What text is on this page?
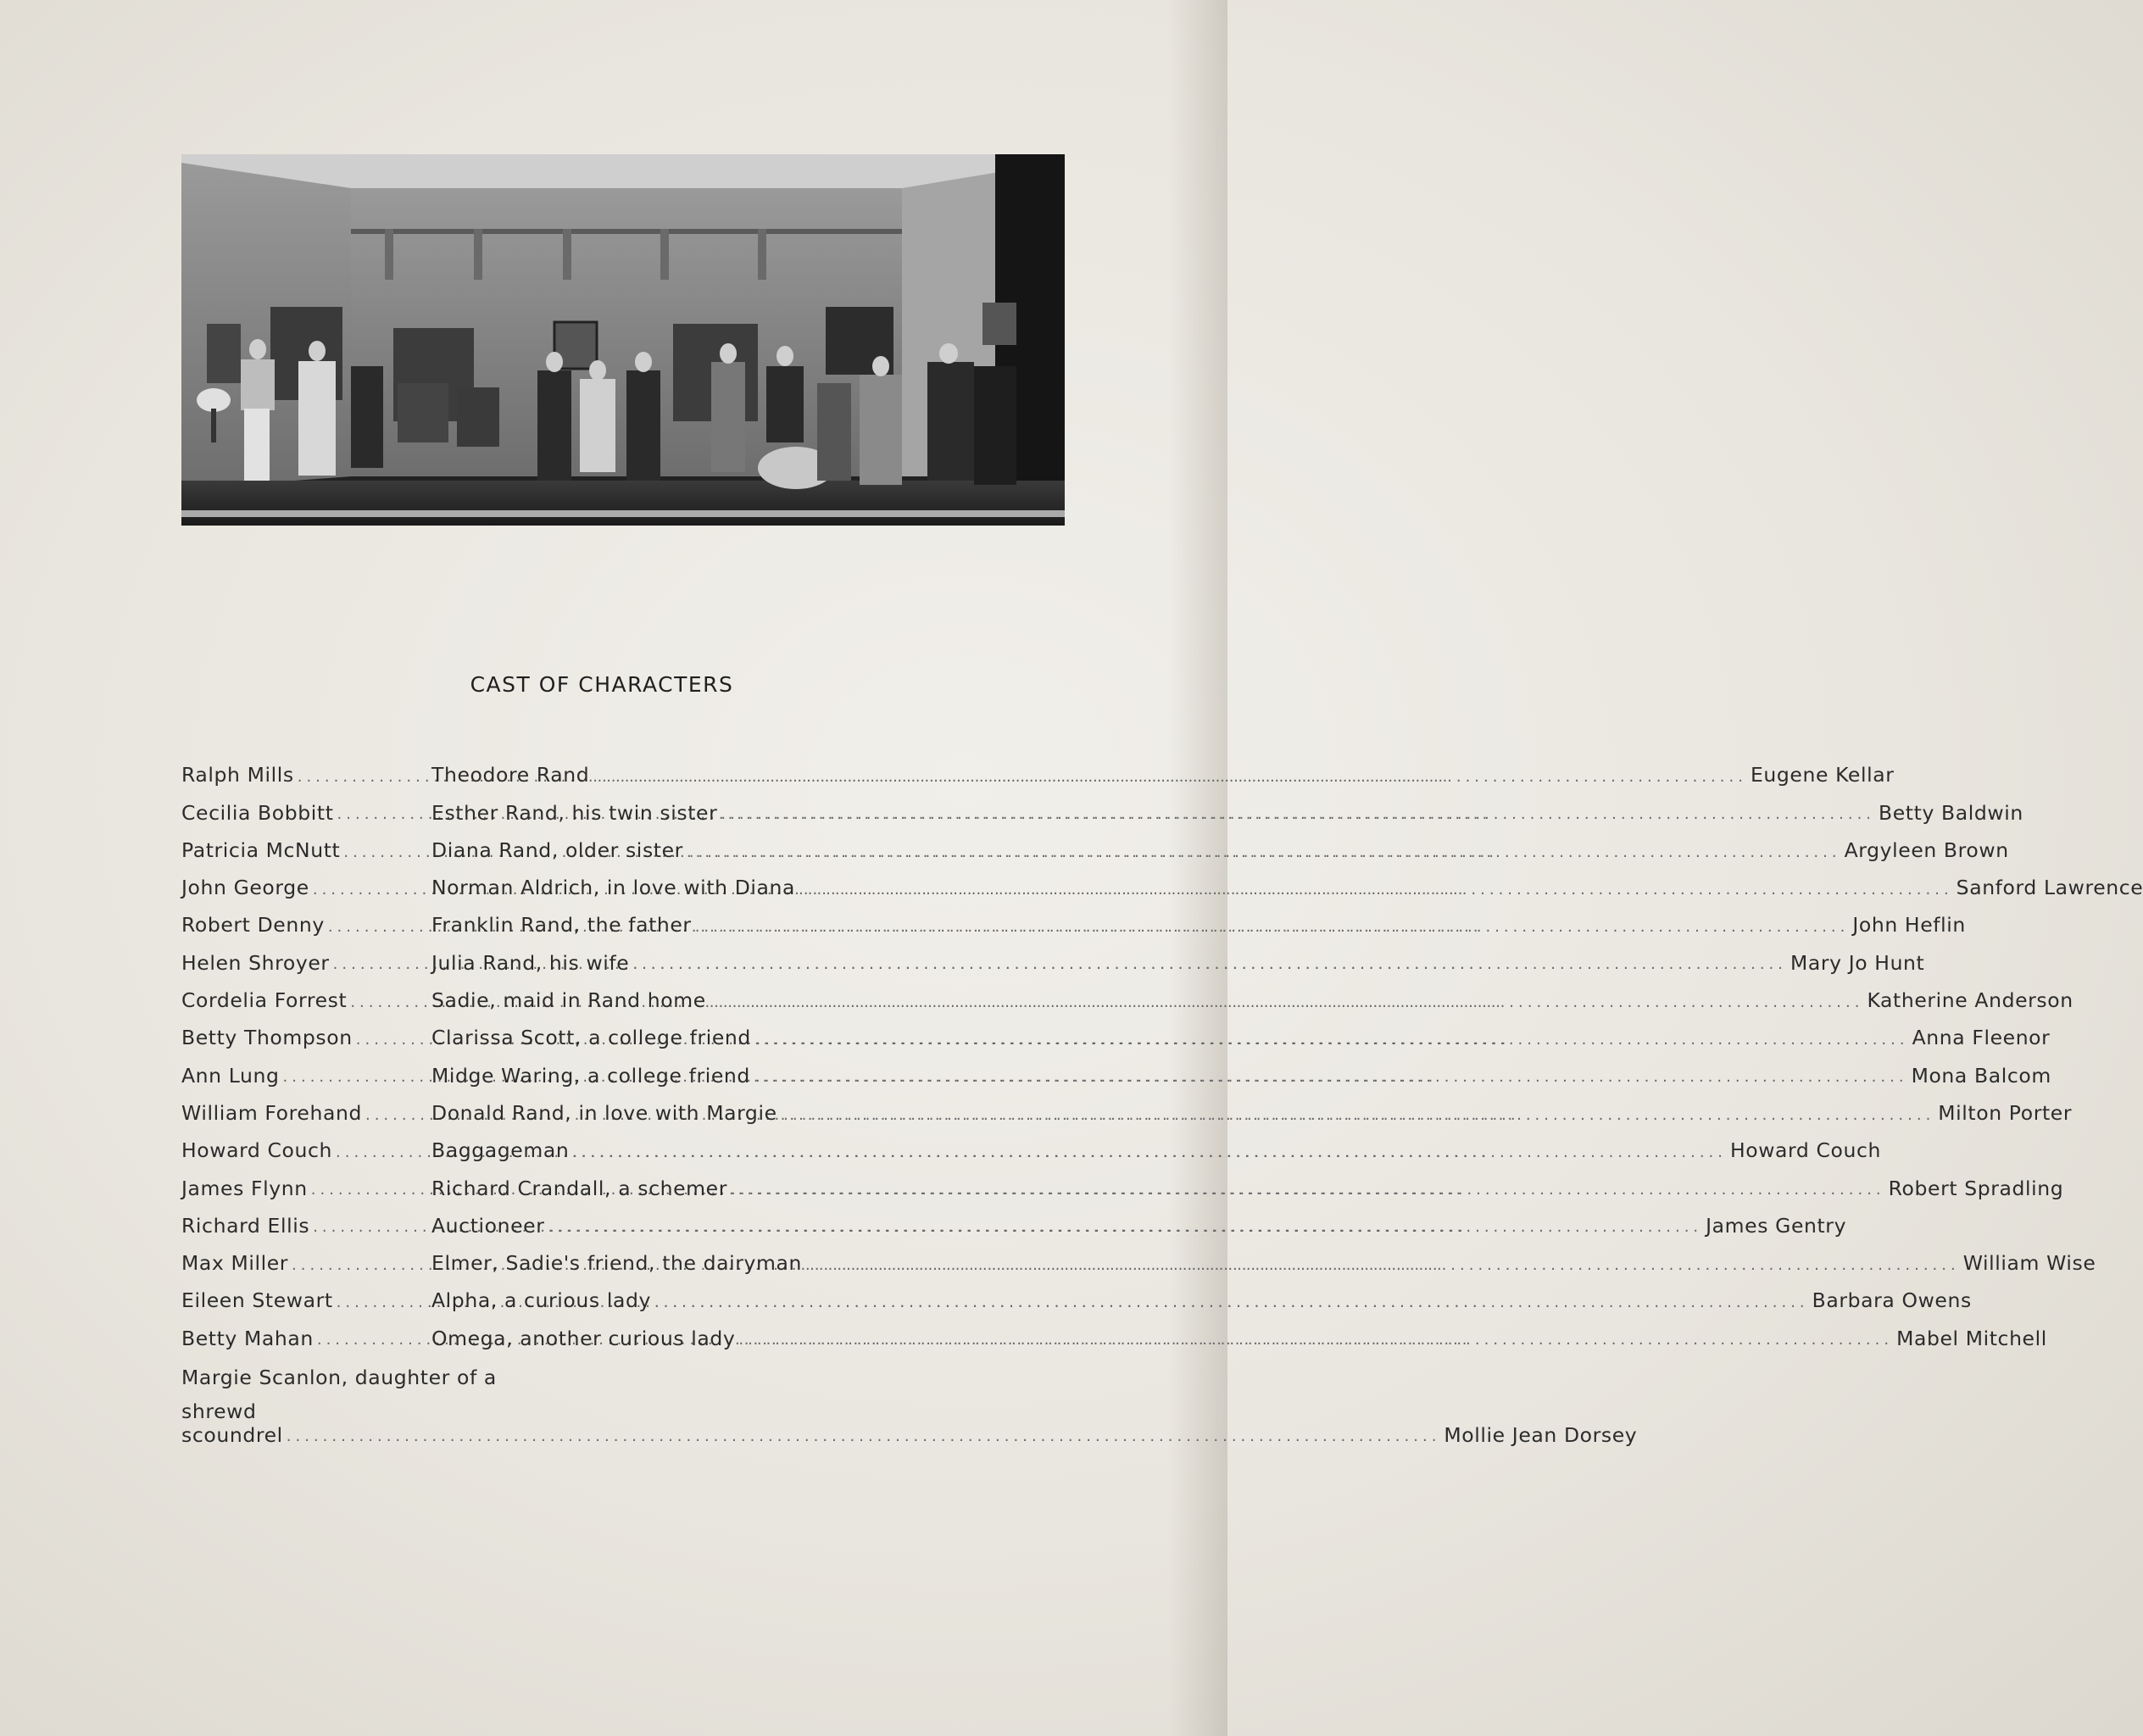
CAST OF CHARACTERS
Ralph Mills .....	Theodore Rand .....	Eugene Kellar
Cecilia Bobbitt .....	Esther Rand, his twin sister .....	Betty Baldwin
Patricia McNutt .....	Diana Rand, older sister .....	Argyleen Brown
John George .....	Norman Aldrich, in love with Diana .....	Sanford Lawrence
Robert Denny .....	Franklin Rand, the father .....	John Heflin
Helen Shroyer .....	Julia Rand, his wife .....	Mary Jo Hunt
Cordelia Forrest .....	Sadie, maid in Rand home .....	Katherine Anderson
Betty Thompson .....	Clarissa Scott, a college friend .....	Anna Fleenor
Ann Lung .....	Midge Waring, a college friend .....	Mona Balcom
William Forehand .....	Donald Rand, in love with Margie .....	Milton Porter
Howard Couch .....	Baggageman .....	Howard Couch
James Flynn .....	Richard Crandall, a schemer .....	Robert Spradling
Richard Ellis .....	Auctioneer .....	James Gentry
Max Miller .....	Elmer, Sadie's friend, the dairyman .....	William Wise
Eileen Stewart .....	Alpha, a curious lady .....	Barbara Owens
Betty Mahan .....	Omega, another curious lady .....	Mabel Mitchell
Margie Scanlon, daughter of a
shrewd scoundrel .....	Mollie Jean Dorsey
